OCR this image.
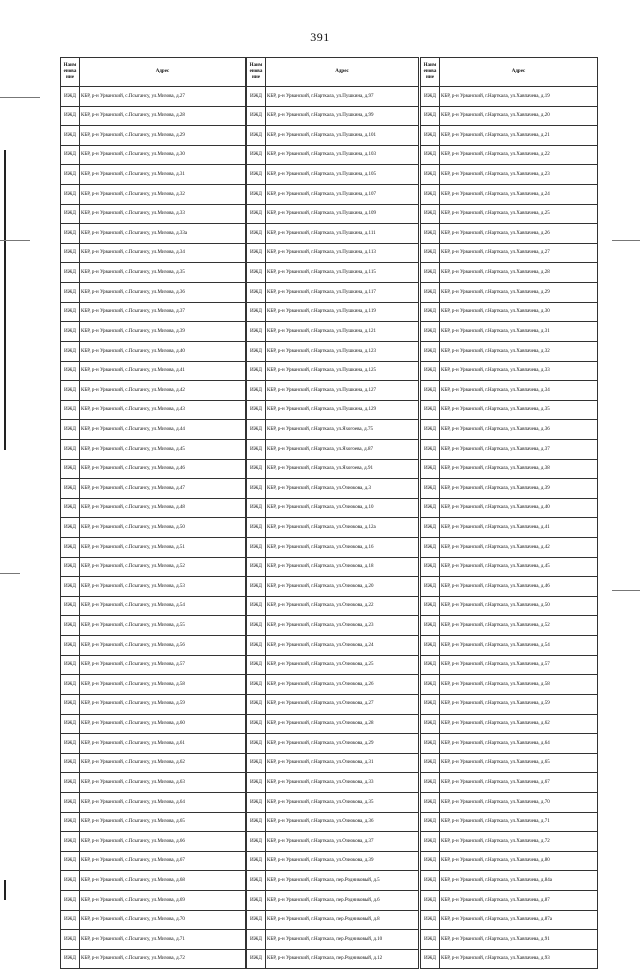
391
Наим енова ние	Адрес
ИЖД	КБР, р-н Урванский, с.Псыгансу, ул.Мизова, д.27
ИЖД	КБР, р-н Урванский, с.Псыгансу, ул.Мизова, д.28
ИЖД	КБР, р-н Урванский, с.Псыгансу, ул.Мизова, д.29
ИЖД	КБР, р-н Урванский, с.Псыгансу, ул.Мизова, д.30
ИЖД	КБР, р-н Урванский, с.Псыгансу, ул.Мизова, д.31
ИЖД	КБР, р-н Урванский, с.Псыгансу, ул.Мизова, д.32
ИЖД	КБР, р-н Урванский, с.Псыгансу, ул.Мизова, д.33
ИЖД	КБР, р-н Урванский, с.Псыгансу, ул.Мизова, д.33а
ИЖД	КБР, р-н Урванский, с.Псыгансу, ул.Мизова, д.34
ИЖД	КБР, р-н Урванский, с.Псыгансу, ул.Мизова, д.35
ИЖД	КБР, р-н Урванский, с.Псыгансу, ул.Мизова, д.36
ИЖД	КБР, р-н Урванский, с.Псыгансу, ул.Мизова, д.37
ИЖД	КБР, р-н Урванский, с.Псыгансу, ул.Мизова, д.39
ИЖД	КБР, р-н Урванский, с.Псыгансу, ул.Мизова, д.40
ИЖД	КБР, р-н Урванский, с.Псыгансу, ул.Мизова, д.41
ИЖД	КБР, р-н Урванский, с.Псыгансу, ул.Мизова, д.42
ИЖД	КБР, р-н Урванский, с.Псыгансу, ул.Мизова, д.43
ИЖД	КБР, р-н Урванский, с.Псыгансу, ул.Мизова, д.44
ИЖД	КБР, р-н Урванский, с.Псыгансу, ул.Мизова, д.45
ИЖД	КБР, р-н Урванский, с.Псыгансу, ул.Мизова, д.46
ИЖД	КБР, р-н Урванский, с.Псыгансу, ул.Мизова, д.47
ИЖД	КБР, р-н Урванский, с.Псыгансу, ул.Мизова, д.48
ИЖД	КБР, р-н Урванский, с.Псыгансу, ул.Мизова, д.50
ИЖД	КБР, р-н Урванский, с.Псыгансу, ул.Мизова, д.51
ИЖД	КБР, р-н Урванский, с.Псыгансу, ул.Мизова, д.52
ИЖД	КБР, р-н Урванский, с.Псыгансу, ул.Мизова, д.53
ИЖД	КБР, р-н Урванский, с.Псыгансу, ул.Мизова, д.54
ИЖД	КБР, р-н Урванский, с.Псыгансу, ул.Мизова, д.55
ИЖД	КБР, р-н Урванский, с.Псыгансу, ул.Мизова, д.56
ИЖД	КБР, р-н Урванский, с.Псыгансу, ул.Мизова, д.57
ИЖД	КБР, р-н Урванский, с.Псыгансу, ул.Мизова, д.58
ИЖД	КБР, р-н Урванский, с.Псыгансу, ул.Мизова, д.59
ИЖД	КБР, р-н Урванский, с.Псыгансу, ул.Мизова, д.60
ИЖД	КБР, р-н Урванский, с.Псыгансу, ул.Мизова, д.61
ИЖД	КБР, р-н Урванский, с.Псыгансу, ул.Мизова, д.62
ИЖД	КБР, р-н Урванский, с.Псыгансу, ул.Мизова, д.63
ИЖД	КБР, р-н Урванский, с.Псыгансу, ул.Мизова, д.64
ИЖД	КБР, р-н Урванский, с.Псыгансу, ул.Мизова, д.65
ИЖД	КБР, р-н Урванский, с.Псыгансу, ул.Мизова, д.66
ИЖД	КБР, р-н Урванский, с.Псыгансу, ул.Мизова, д.67
ИЖД	КБР, р-н Урванский, с.Псыгансу, ул.Мизова, д.68
ИЖД	КБР, р-н Урванский, с.Псыгансу, ул.Мизова, д.69
ИЖД	КБР, р-н Урванский, с.Псыгансу, ул.Мизова, д.70
ИЖД	КБР, р-н Урванский, с.Псыгансу, ул.Мизова, д.71
ИЖД	КБР, р-н Урванский, с.Псыгансу, ул.Мизова, д.72
Наим енова ние	Адрес
ИЖД	КБР, р-н Урванский, г.Нарткала, ул.Пушкина, д.97
ИЖД	КБР, р-н Урванский, г.Нарткала, ул.Пушкина, д.99
ИЖД	КБР, р-н Урванский, г.Нарткала, ул.Пушкина, д.101
ИЖД	КБР, р-н Урванский, г.Нарткала, ул.Пушкина, д.103
ИЖД	КБР, р-н Урванский, г.Нарткала, ул.Пушкина, д.105
ИЖД	КБР, р-н Урванский, г.Нарткала, ул.Пушкина, д.107
ИЖД	КБР, р-н Урванский, г.Нарткала, ул.Пушкина, д.109
ИЖД	КБР, р-н Урванский, г.Нарткала, ул.Пушкина, д.111
ИЖД	КБР, р-н Урванский, г.Нарткала, ул.Пушкина, д.113
ИЖД	КБР, р-н Урванский, г.Нарткала, ул.Пушкина, д.115
ИЖД	КБР, р-н Урванский, г.Нарткала, ул.Пушкина, д.117
ИЖД	КБР, р-н Урванский, г.Нарткала, ул.Пушкина, д.119
ИЖД	КБР, р-н Урванский, г.Нарткала, ул.Пушкина, д.121
ИЖД	КБР, р-н Урванский, г.Нарткала, ул.Пушкина, д.123
ИЖД	КБР, р-н Урванский, г.Нарткала, ул.Пушкина, д.125
ИЖД	КБР, р-н Урванский, г.Нарткала, ул.Пушкина, д.127
ИЖД	КБР, р-н Урванский, г.Нарткала, ул.Пушкина, д.129
ИЖД	КБР, р-н Урванский, г.Нарткала, ул.Яхогоева, д.75
ИЖД	КБР, р-н Урванский, г.Нарткала, ул.Яхогоева, д.87
ИЖД	КБР, р-н Урванский, г.Нарткала, ул.Яхогоева, д.91
ИЖД	КБР, р-н Урванский, г.Нарткала, ул.Озиокова, д.3
ИЖД	КБР, р-н Урванский, г.Нарткала, ул.Озиокова, д.10
ИЖД	КБР, р-н Урванский, г.Нарткала, ул.Озиокова, д.12а
ИЖД	КБР, р-н Урванский, г.Нарткала, ул.Озиокова, д.16
ИЖД	КБР, р-н Урванский, г.Нарткала, ул.Озиокова, д.18
ИЖД	КБР, р-н Урванский, г.Нарткала, ул.Озиокова, д.20
ИЖД	КБР, р-н Урванский, г.Нарткала, ул.Озиокова, д.22
ИЖД	КБР, р-н Урванский, г.Нарткала, ул.Озиокова, д.23
ИЖД	КБР, р-н Урванский, г.Нарткала, ул.Озиокова, д.24
ИЖД	КБР, р-н Урванский, г.Нарткала, ул.Озиокова, д.25
ИЖД	КБР, р-н Урванский, г.Нарткала, ул.Озиокова, д.26
ИЖД	КБР, р-н Урванский, г.Нарткала, ул.Озиокова, д.27
ИЖД	КБР, р-н Урванский, г.Нарткала, ул.Озиокова, д.28
ИЖД	КБР, р-н Урванский, г.Нарткала, ул.Озиокова, д.29
ИЖД	КБР, р-н Урванский, г.Нарткала, ул.Озиокова, д.31
ИЖД	КБР, р-н Урванский, г.Нарткала, ул.Озиокова, д.33
ИЖД	КБР, р-н Урванский, г.Нарткала, ул.Озиокова, д.35
ИЖД	КБР, р-н Урванский, г.Нарткала, ул.Озиокова, д.36
ИЖД	КБР, р-н Урванский, г.Нарткала, ул.Озиокова, д.37
ИЖД	КБР, р-н Урванский, г.Нарткала, ул.Озиокова, д.39
ИЖД	КБР, р-н Урванский, г.Нарткала, пер.Родниковый, д.5
ИЖД	КБР, р-н Урванский, г.Нарткала, пер.Родниковый, д.6
ИЖД	КБР, р-н Урванский, г.Нарткала, пер.Родниковый, д.8
ИЖД	КБР, р-н Урванский, г.Нарткала, пер.Родниковый, д.10
ИЖД	КБР, р-н Урванский, г.Нарткала, пер.Родниковый, д.12
Наим енова ние	Адрес
ИЖД	КБР, р-н Урванский, г.Нарткала, ул.Хавпачева, д.19
ИЖД	КБР, р-н Урванский, г.Нарткала, ул.Хавпачева, д.20
ИЖД	КБР, р-н Урванский, г.Нарткала, ул.Хавпачева, д.21
ИЖД	КБР, р-н Урванский, г.Нарткала, ул.Хавпачева, д.22
ИЖД	КБР, р-н Урванский, г.Нарткала, ул.Хавпачева, д.23
ИЖД	КБР, р-н Урванский, г.Нарткала, ул.Хавпачева, д.24
ИЖД	КБР, р-н Урванский, г.Нарткала, ул.Хавпачева, д.25
ИЖД	КБР, р-н Урванский, г.Нарткала, ул.Хавпачева, д.26
ИЖД	КБР, р-н Урванский, г.Нарткала, ул.Хавпачева, д.27
ИЖД	КБР, р-н Урванский, г.Нарткала, ул.Хавпачева, д.28
ИЖД	КБР, р-н Урванский, г.Нарткала, ул.Хавпачева, д.29
ИЖД	КБР, р-н Урванский, г.Нарткала, ул.Хавпачева, д.30
ИЖД	КБР, р-н Урванский, г.Нарткала, ул.Хавпачева, д.31
ИЖД	КБР, р-н Урванский, г.Нарткала, ул.Хавпачева, д.32
ИЖД	КБР, р-н Урванский, г.Нарткала, ул.Хавпачева, д.33
ИЖД	КБР, р-н Урванский, г.Нарткала, ул.Хавпачева, д.34
ИЖД	КБР, р-н Урванский, г.Нарткала, ул.Хавпачева, д.35
ИЖД	КБР, р-н Урванский, г.Нарткала, ул.Хавпачева, д.36
ИЖД	КБР, р-н Урванский, г.Нарткала, ул.Хавпачева, д.37
ИЖД	КБР, р-н Урванский, г.Нарткала, ул.Хавпачева, д.38
ИЖД	КБР, р-н Урванский, г.Нарткала, ул.Хавпачева, д.39
ИЖД	КБР, р-н Урванский, г.Нарткала, ул.Хавпачева, д.40
ИЖД	КБР, р-н Урванский, г.Нарткала, ул.Хавпачева, д.41
ИЖД	КБР, р-н Урванский, г.Нарткала, ул.Хавпачева, д.42
ИЖД	КБР, р-н Урванский, г.Нарткала, ул.Хавпачева, д.45
ИЖД	КБР, р-н Урванский, г.Нарткала, ул.Хавпачева, д.46
ИЖД	КБР, р-н Урванский, г.Нарткала, ул.Хавпачева, д.50
ИЖД	КБР, р-н Урванский, г.Нарткала, ул.Хавпачева, д.52
ИЖД	КБР, р-н Урванский, г.Нарткала, ул.Хавпачева, д.54
ИЖД	КБР, р-н Урванский, г.Нарткала, ул.Хавпачева, д.57
ИЖД	КБР, р-н Урванский, г.Нарткала, ул.Хавпачева, д.58
ИЖД	КБР, р-н Урванский, г.Нарткала, ул.Хавпачева, д.59
ИЖД	КБР, р-н Урванский, г.Нарткала, ул.Хавпачева, д.62
ИЖД	КБР, р-н Урванский, г.Нарткала, ул.Хавпачева, д.64
ИЖД	КБР, р-н Урванский, г.Нарткала, ул.Хавпачева, д.65
ИЖД	КБР, р-н Урванский, г.Нарткала, ул.Хавпачева, д.67
ИЖД	КБР, р-н Урванский, г.Нарткала, ул.Хавпачева, д.70
ИЖД	КБР, р-н Урванский, г.Нарткала, ул.Хавпачева, д.71
ИЖД	КБР, р-н Урванский, г.Нарткала, ул.Хавпачева, д.72
ИЖД	КБР, р-н Урванский, г.Нарткала, ул.Хавпачева, д.80
ИЖД	КБР, р-н Урванский, г.Нарткала, ул.Хавпачева, д.84а
ИЖД	КБР, р-н Урванский, г.Нарткала, ул.Хавпачева, д.87
ИЖД	КБР, р-н Урванский, г.Нарткала, ул.Хавпачева, д.87а
ИЖД	КБР, р-н Урванский, г.Нарткала, ул.Хавпачева, д.91
ИЖД	КБР, р-н Урванский, г.Нарткала, ул.Хавпачева, д.93
